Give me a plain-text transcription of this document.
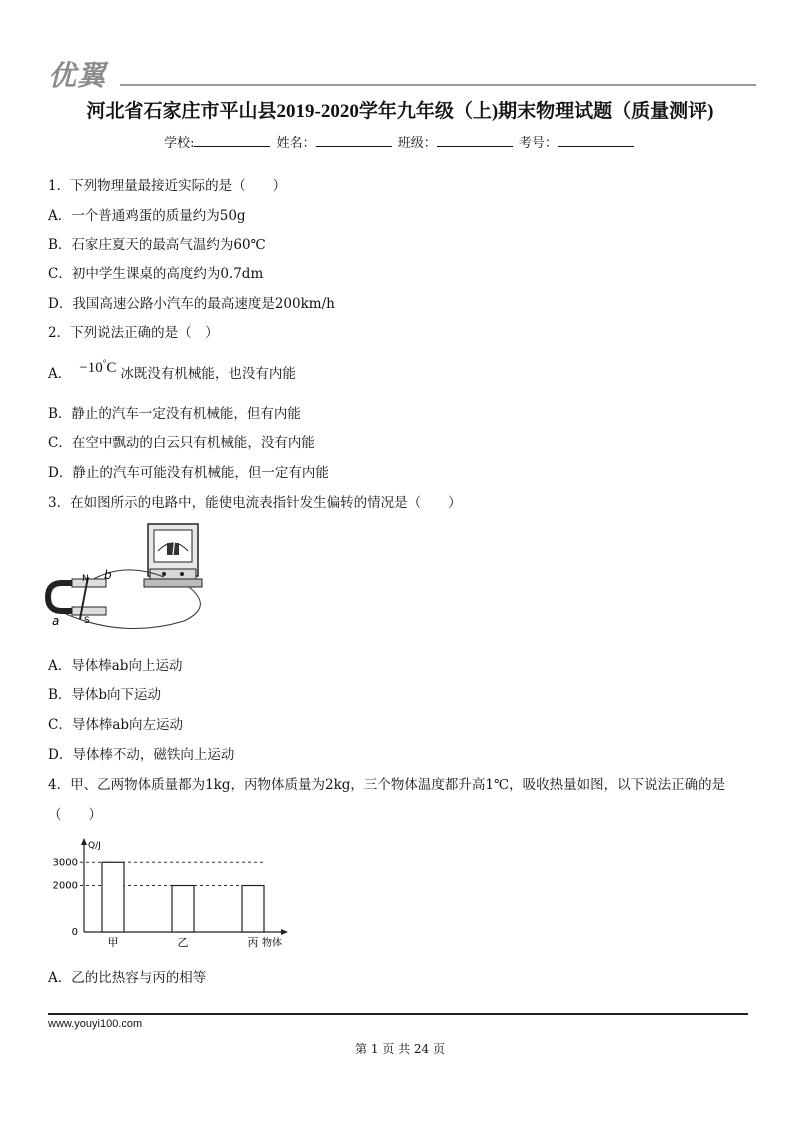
优翼
河北省石家庄市平山县2019-2020学年九年级（上)期末物理试题（质量测评)
学校:	姓名：	班级：	考号：
1．下列物理量最接近实际的是（　　）
A．一个普通鸡蛋的质量约为50g
B．石家庄夏天的最高气温约为60℃
C．初中学生课桌的高度约为0.7dm
D．我国高速公路小汽车的最高速度是200km/h
2．下列说法正确的是（　）
A． −10°C 冰既没有机械能，也没有内能
B．静止的汽车一定没有机械能，但有内能
C．在空中飘动的白云只有机械能，没有内能
D．静止的汽车可能没有机械能，但一定有内能
3．在如图所示的电路中，能使电流表指针发生偏转的情况是（　　）
N
S
a
b
A．导体棒ab向上运动
B．导体b向下运动
C．导体棒ab向左运动
D．导体棒不动，磁铁向上运动
4．甲、乙两物体质量都为1kg，丙物体质量为2kg，三个物体温度都升高1℃，吸收热量如图，以下说法正确的是
（　　）
Q/J
物体
0
2000
3000
甲	乙	丙
A．乙的比热容与丙的相等
www.youyi100.com
第 1 页 共 24 页
